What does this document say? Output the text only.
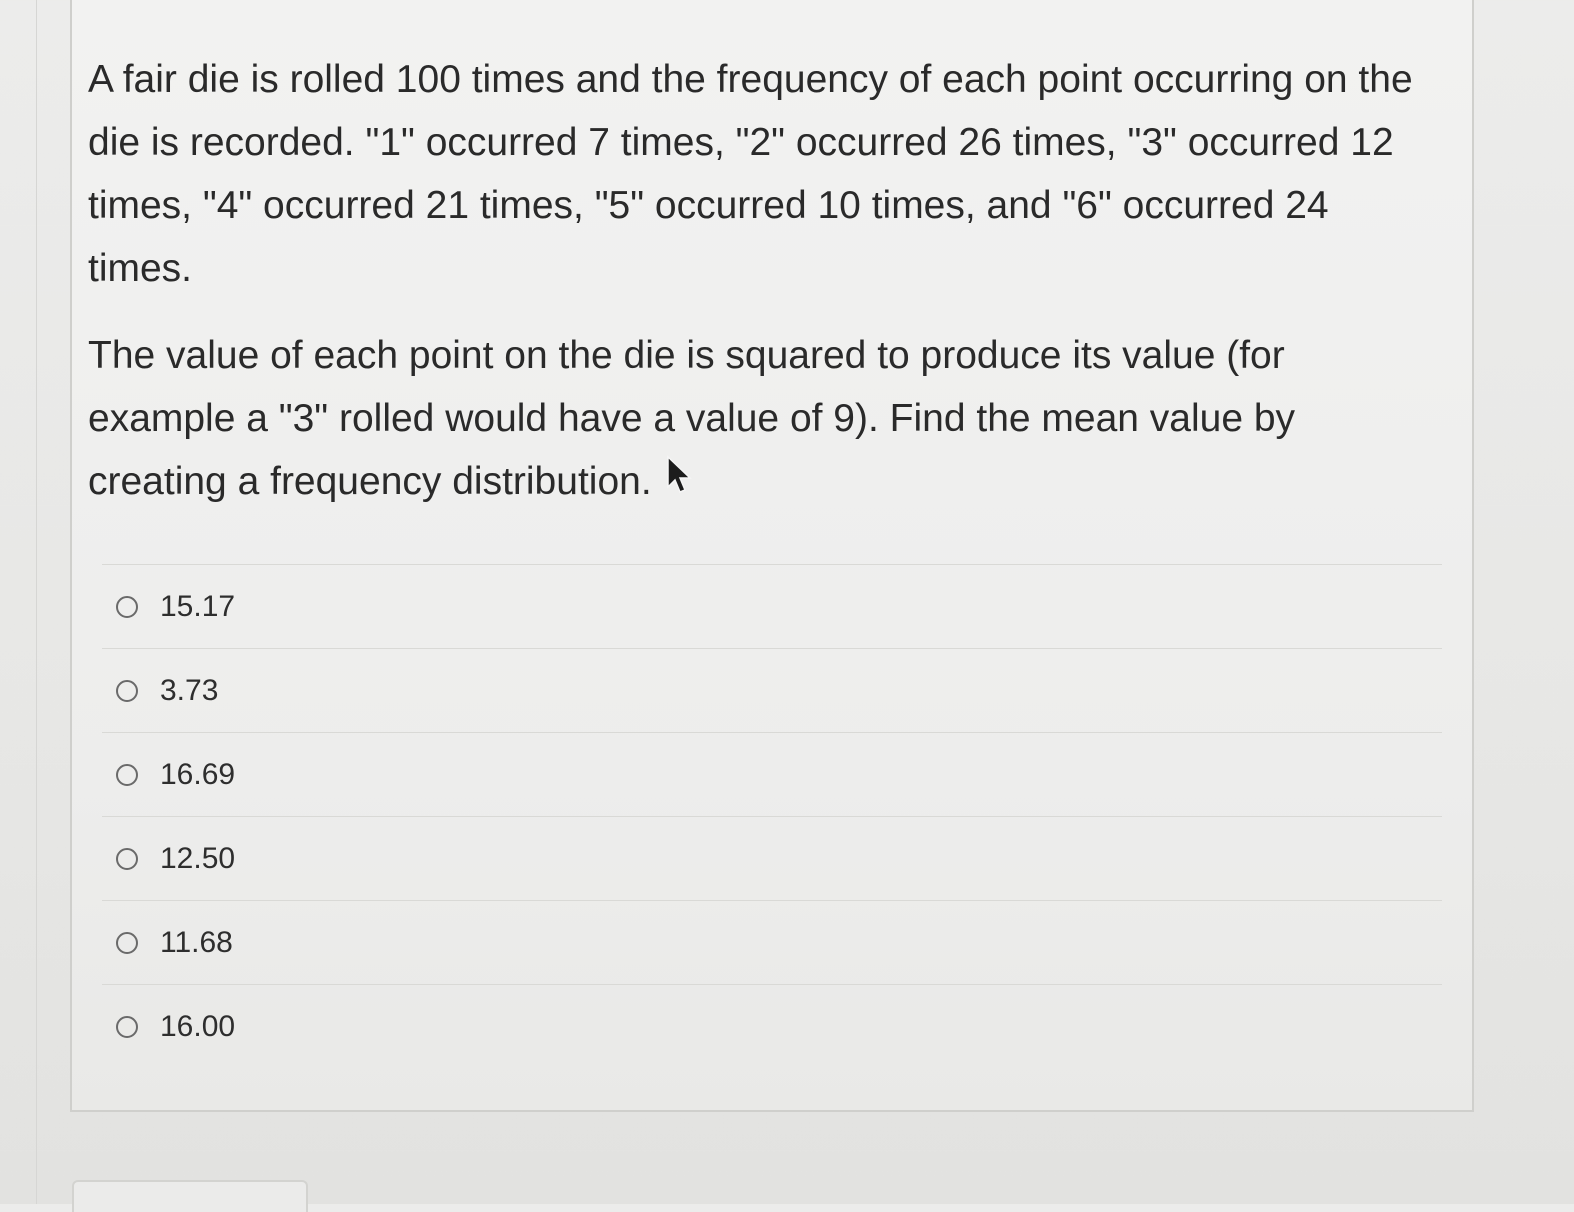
A fair die is rolled 100 times and the frequency of each point occurring on the die is recorded. "1" occurred 7 times, "2" occurred 26 times, "3" occurred 12 times, "4" occurred 21 times, "5" occurred 10 times, and "6" occurred 24 times.

The value of each point on the die is squared to produce its value (for example a "3" rolled would have a value of 9). Find the mean value by creating a frequency distribution.

15.17
3.73
16.69
12.50
11.68
16.00
